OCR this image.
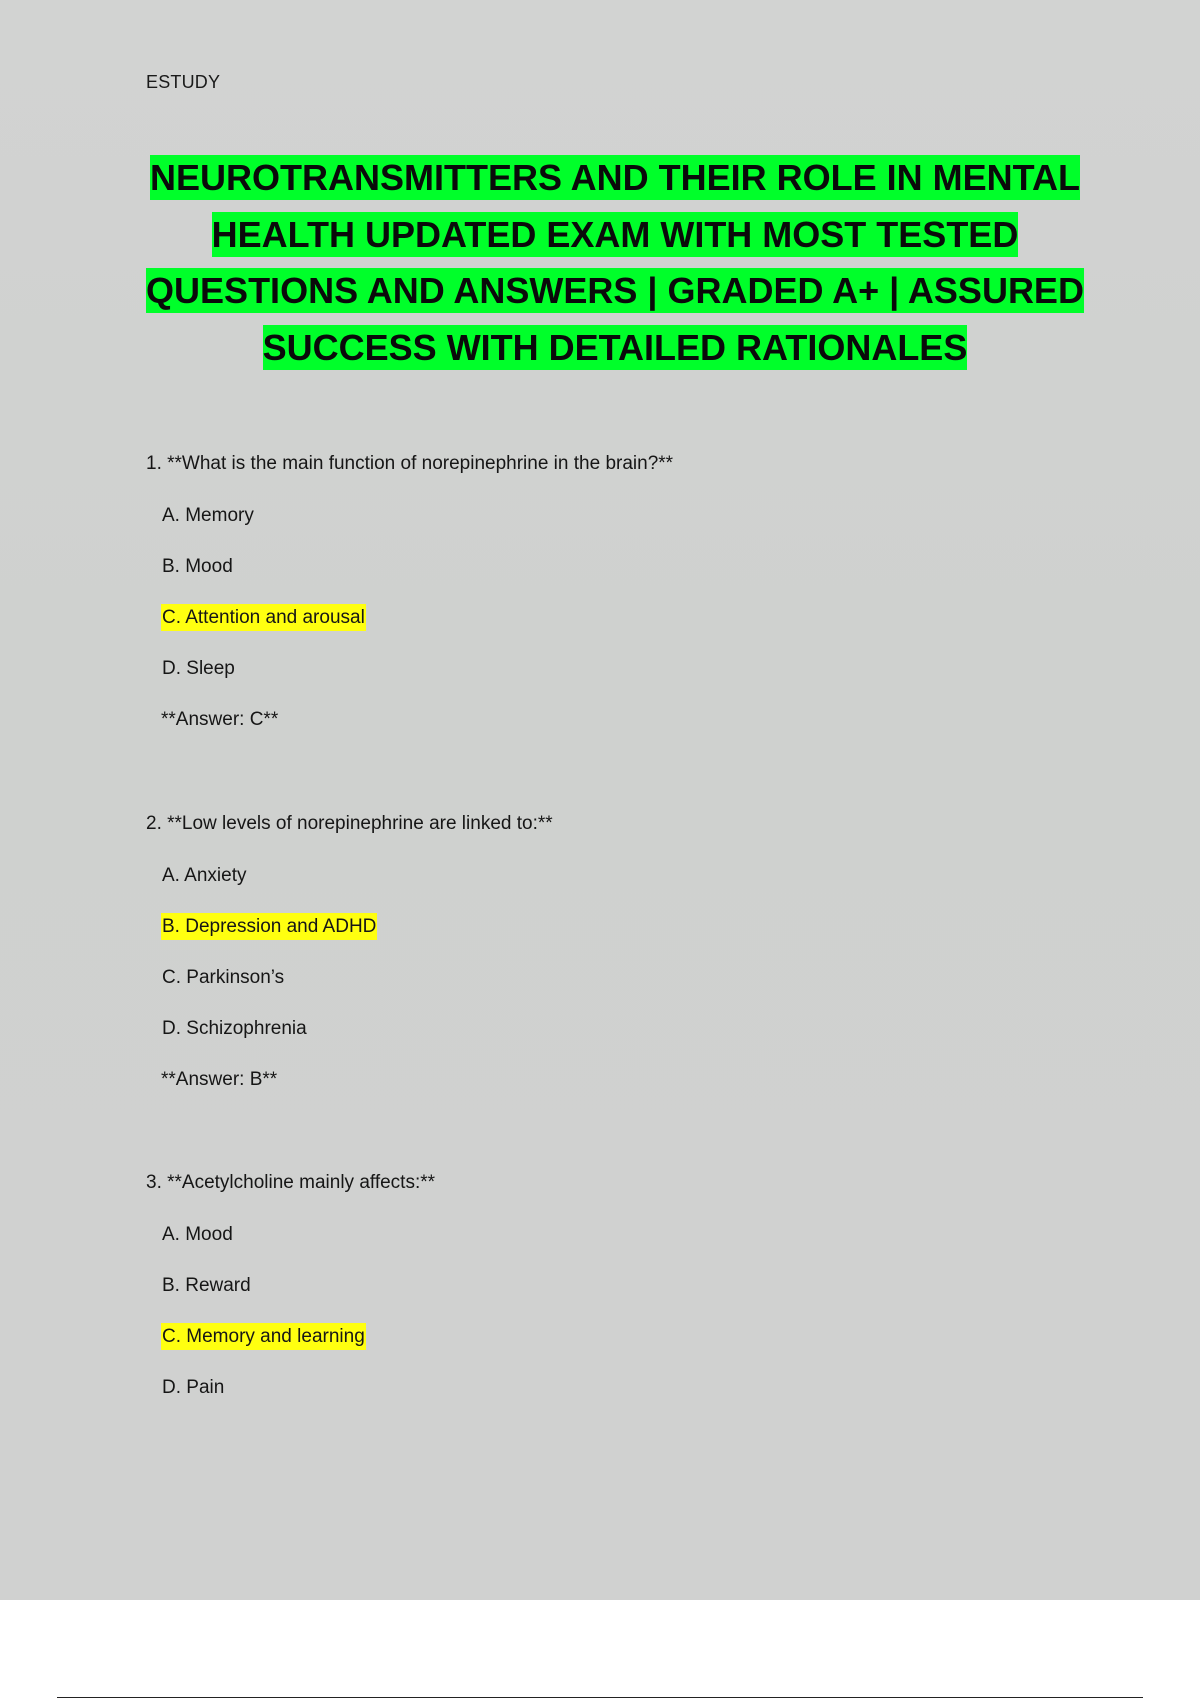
ESTUDY
NEUROTRANSMITTERS AND THEIR ROLE IN MENTAL
HEALTH UPDATED EXAM WITH MOST TESTED
QUESTIONS AND ANSWERS | GRADED A+ | ASSURED
SUCCESS WITH DETAILED RATIONALES
1. **What is the main function of norepinephrine in the brain?**
A. Memory
B. Mood
C. Attention and arousal
D. Sleep
**Answer: C**
2. **Low levels of norepinephrine are linked to:**
A. Anxiety
B. Depression and ADHD
C. Parkinson’s
D. Schizophrenia
**Answer: B**
3. **Acetylcholine mainly affects:**
A. Mood
B. Reward
C. Memory and learning
D. Pain
